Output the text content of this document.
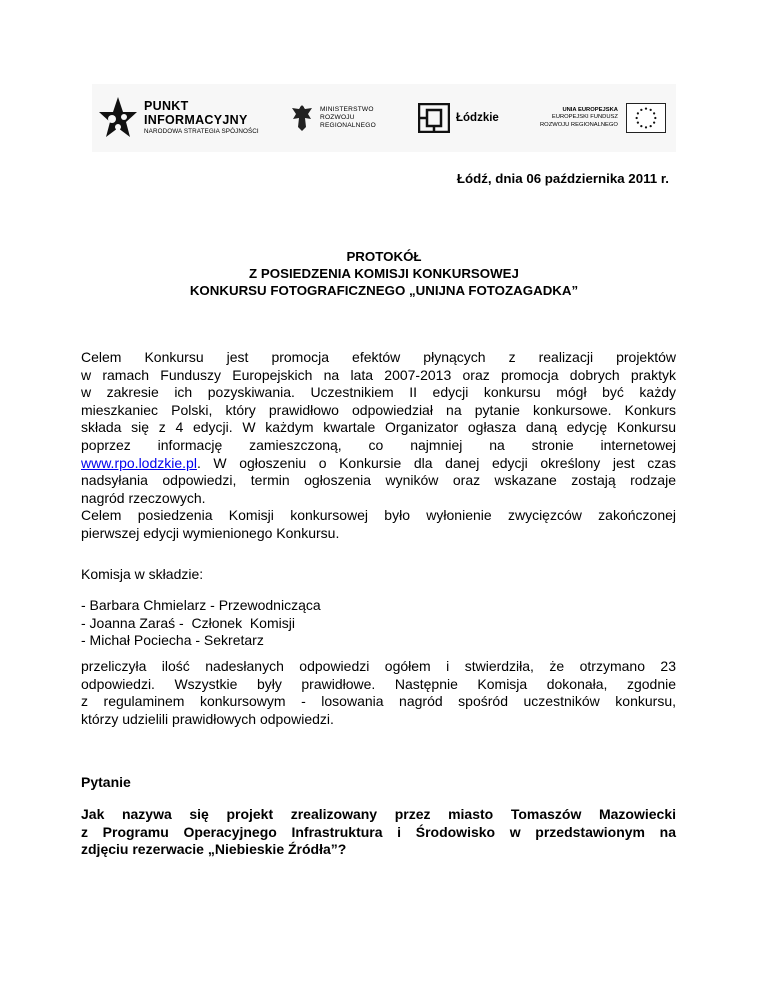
PUNKT
INFORMACYJNY
NARODOWA STRATEGIA SPÓJNOŚCI
MINISTERSTWO
ROZWOJU
REGIONALNEGO
Łódzkie
UNIA EUROPEJSKA
EUROPEJSKI FUNDUSZ
ROZWOJU REGIONALNEGO
Łódź, dnia 06 października 2011 r.
PROTOKÓŁ
Z POSIEDZENIA KOMISJI KONKURSOWEJ
KONKURSU FOTOGRAFICZNEGO „UNIJNA FOTOZAGADKA”
Celem Konkursu jest promocja efektów płynących z realizacji projektów
w ramach Funduszy Europejskich na lata 2007-2013 oraz promocja dobrych praktyk
w zakresie ich pozyskiwania. Uczestnikiem II edycji konkursu mógł być każdy
mieszkaniec Polski, który prawidłowo odpowiedział na pytanie konkursowe. Konkurs
składa się z 4 edycji. W każdym kwartale Organizator ogłasza daną edycję Konkursu
poprzez informację zamieszczoną, co najmniej na stronie internetowej
www.rpo.lodzkie.pl. W ogłoszeniu o Konkursie dla danej edycji określony jest czas
nadsyłania odpowiedzi, termin ogłoszenia wyników oraz wskazane zostają rodzaje
nagród rzeczowych.
Celem posiedzenia Komisji konkursowej było wyłonienie zwycięzców zakończonej
pierwszej edycji wymienionego Konkursu.
Komisja w składzie:
- Barbara Chmielarz - Przewodnicząca
- Joanna Zaraś -  Członek  Komisji
- Michał Pociecha - Sekretarz
przeliczyła ilość nadesłanych odpowiedzi ogółem i stwierdziła, że otrzymano 23
odpowiedzi. Wszystkie były prawidłowe. Następnie Komisja dokonała, zgodnie
z regulaminem konkursowym - losowania nagród spośród uczestników konkursu,
którzy udzielili prawidłowych odpowiedzi.
Pytanie
Jak nazywa się projekt zrealizowany przez miasto Tomaszów Mazowiecki
z Programu Operacyjnego Infrastruktura i Środowisko w przedstawionym na
zdjęciu rezerwacie „Niebieskie Źródła”?
